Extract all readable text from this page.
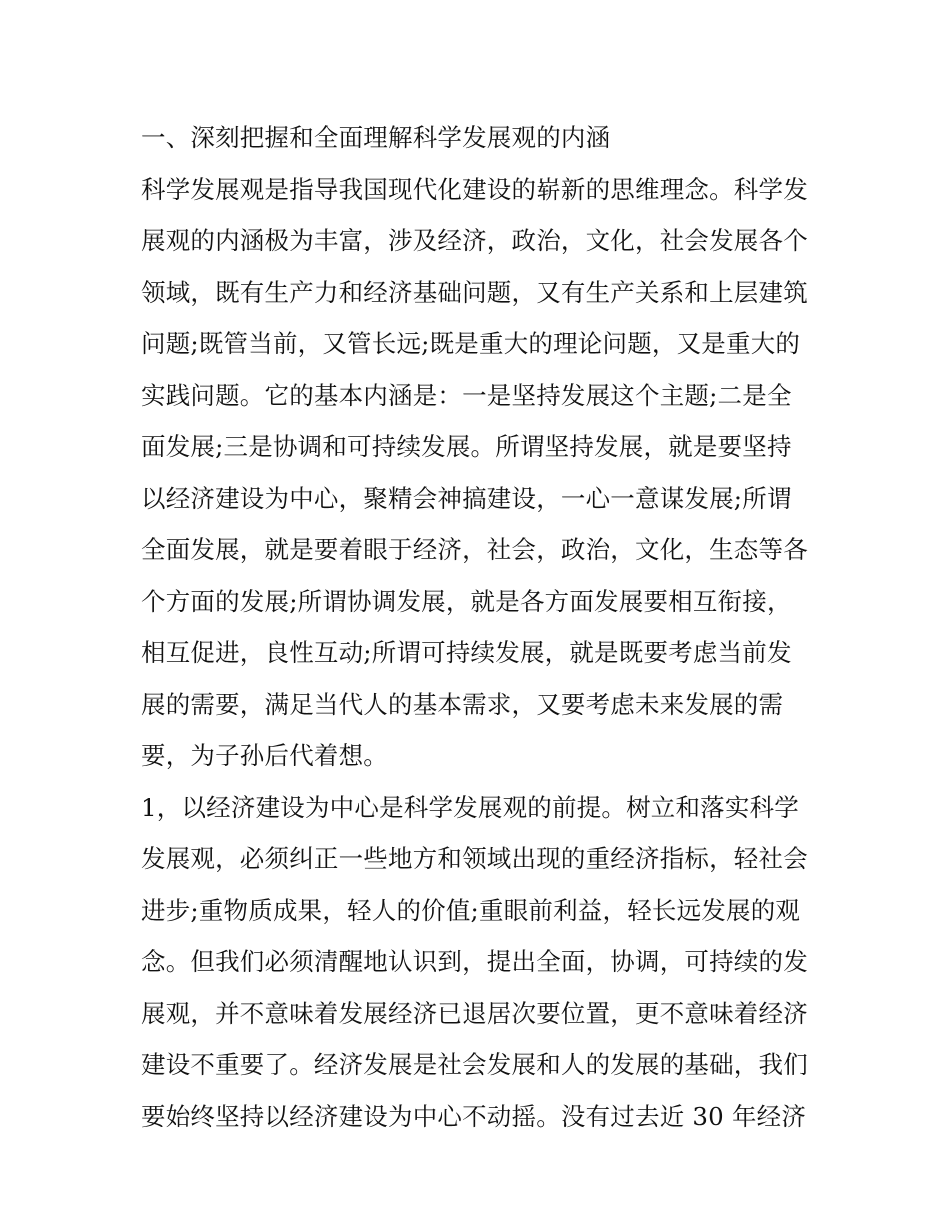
一、深刻把握和全面理解科学发展观的内涵
科学发展观是指导我国现代化建设的崭新的思维理念。科学发
展观的内涵极为丰富，涉及经济，政治，文化，社会发展各个
领域，既有生产力和经济基础问题，又有生产关系和上层建筑
问题;既管当前，又管长远;既是重大的理论问题，又是重大的
实践问题。它的基本内涵是：一是坚持发展这个主题;二是全
面发展;三是协调和可持续发展。所谓坚持发展，就是要坚持
以经济建设为中心，聚精会神搞建设，一心一意谋发展;所谓
全面发展，就是要着眼于经济，社会，政治，文化，生态等各
个方面的发展;所谓协调发展，就是各方面发展要相互衔接，
相互促进，良性互动;所谓可持续发展，就是既要考虑当前发
展的需要，满足当代人的基本需求，又要考虑未来发展的需
要，为子孙后代着想。
1，以经济建设为中心是科学发展观的前提。树立和落实科学
发展观，必须纠正一些地方和领域出现的重经济指标，轻社会
进步;重物质成果，轻人的价值;重眼前利益，轻长远发展的观
念。但我们必须清醒地认识到，提出全面，协调，可持续的发
展观，并不意味着发展经济已退居次要位置，更不意味着经济
建设不重要了。经济发展是社会发展和人的发展的基础，我们
要始终坚持以经济建设为中心不动摇。没有过去近 30 年经济
